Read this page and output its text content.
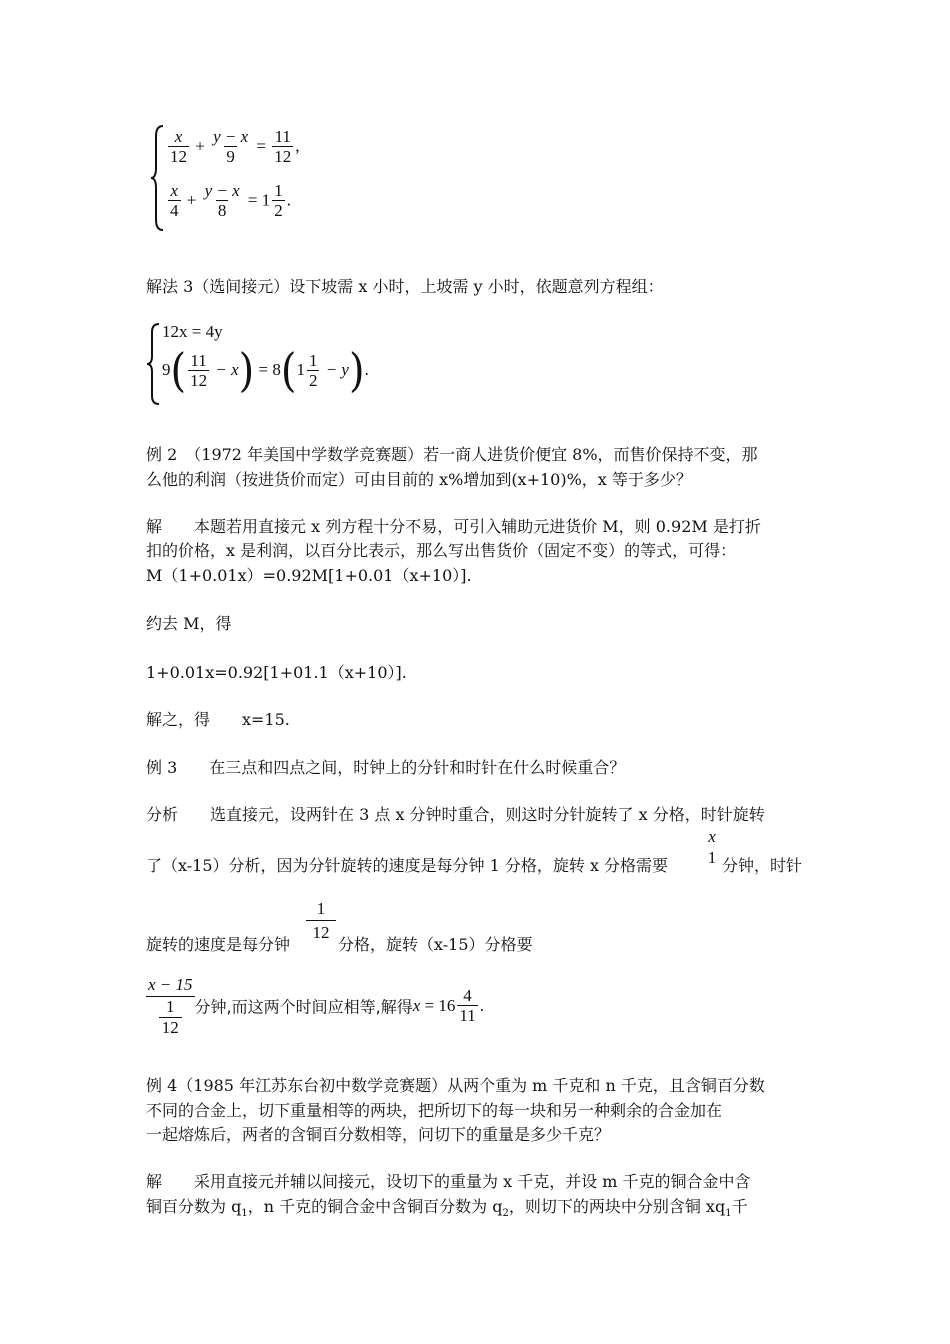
$\frac{x}{12} + \frac{y - x}{9} = \frac{11}{12}$ ,
$\frac{x}{4} + \frac{y - x}{8} = 1 \frac{1}{2}$ .
解法 3（选间接元）设下坡需 x 小时，上坡需 y 小时，依题意列方程组：
12x = 4y
$9( \frac{11}{12} - x) = 8(1 \frac{1}{2} - y)$.
例 2　（1972 年美国中学数学竞赛题）若一商人进货价便宜 8%，而售价保持不变，那
么他的利润（按进货价而定）可由目前的 x%增加到(x+10)%，x 等于多少？
解　　本题若用直接元 x 列方程十分不易，可引入辅助元进货价 M，则 0.92M 是打折
扣的价格，x 是利润，以百分比表示，那么写出售货价（固定不变）的等式，可得：
M（1+0.01x）=0.92M[1+0.01（x+10）].
约去 M，得
1+0.01x=0.92[1+01.1（x+10）].
解之，得　　x=15.
例 3　　在三点和四点之间，时钟上的分针和时针在什么时候重合？
分析　　选直接元，设两针在 3 点 x 分钟时重合，则这时分针旋转了 x 分格，时针旋转
了（x-15）分析，因为分针旋转的速度是每分钟 1 分格，旋转 x 分格需要
x
1 分钟，时针
旋转的速度是每分钟
1
12
分格，旋转（x-15）分格要
x − 15
1
12 分钟,而这两个时间应相等,解得$x = 16 \frac{4}{11}$ .
例 4（1985 年江苏东台初中数学竞赛题）从两个重为 m 千克和 n 千克，且含铜百分数
不同的合金上，切下重量相等的两块，把所切下的每一块和另一种剩余的合金加在
一起熔炼后，两者的含铜百分数相等，问切下的重量是多少千克？
解　　采用直接元并辅以间接元，设切下的重量为 x 千克，并设 m 千克的铜合金中含
铜百分数为 $q_1$，n 千克的铜合金中含铜百分数为 $q_2$，则切下的两块中分别含铜 $xq_1$千
